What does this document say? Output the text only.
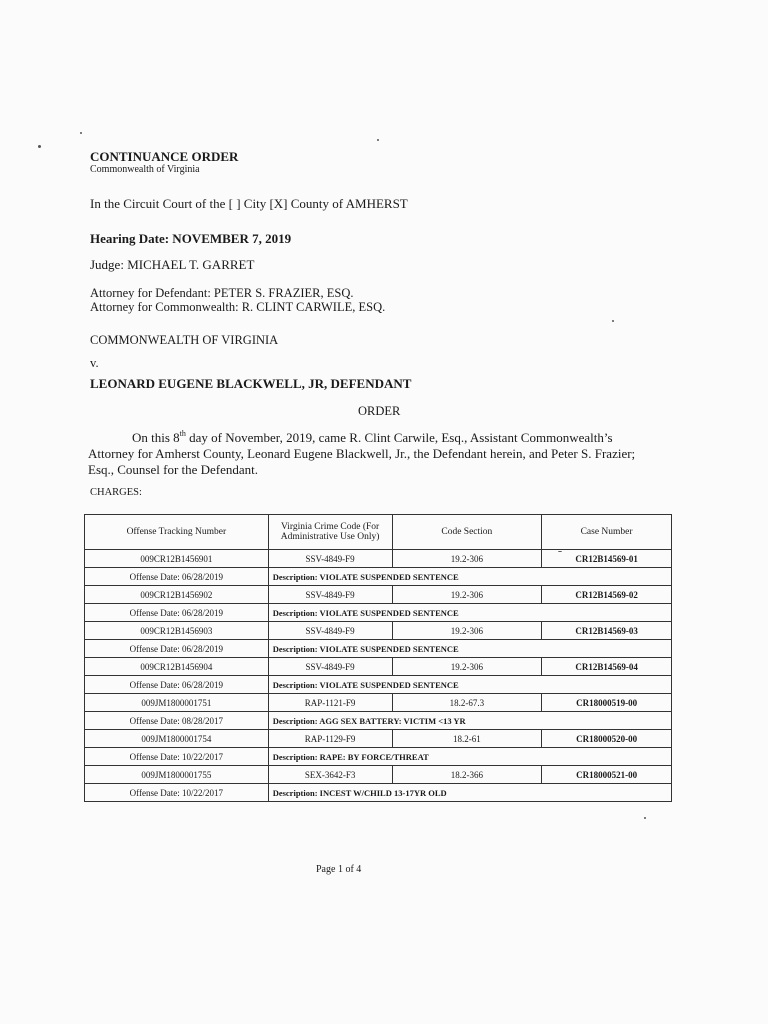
CONTINUANCE ORDER
Commonwealth of Virginia
In the Circuit Court of the [ ] City [X] County of AMHERST
Hearing Date: NOVEMBER 7, 2019
Judge: MICHAEL T. GARRET
Attorney for Defendant: PETER S. FRAZIER, ESQ.
Attorney for Commonwealth: R. CLINT CARWILE, ESQ.
COMMONWEALTH OF VIRGINIA
v.
LEONARD EUGENE BLACKWELL, JR, DEFENDANT
ORDER
On this 8th day of November, 2019, came R. Clint Carwile, Esq., Assistant Commonwealth’s Attorney for Amherst County, Leonard Eugene Blackwell, Jr., the Defendant herein, and Peter S. Frazier; Esq., Counsel for the Defendant.
CHARGES:
Offense Tracking Number	Virginia Crime Code (For Administrative Use Only)	Code Section	Case Number
009CR12B1456901	SSV-4849-F9	19.2-306	CR12B14569-01
Offense Date: 06/28/2019	Description: VIOLATE SUSPENDED SENTENCE		
009CR12B1456902	SSV-4849-F9	19.2-306	CR12B14569-02
Offense Date: 06/28/2019	Description: VIOLATE SUSPENDED SENTENCE		
009CR12B1456903	SSV-4849-F9	19.2-306	CR12B14569-03
Offense Date: 06/28/2019	Description: VIOLATE SUSPENDED SENTENCE		
009CR12B1456904	SSV-4849-F9	19.2-306	CR12B14569-04
Offense Date: 06/28/2019	Description: VIOLATE SUSPENDED SENTENCE		
009JM1800001751	RAP-1121-F9	18.2-67.3	CR18000519-00
Offense Date: 08/28/2017	Description: AGG SEX BATTERY: VICTIM <13 YR		
009JM1800001754	RAP-1129-F9	18.2-61	CR18000520-00
Offense Date: 10/22/2017	Description: RAPE: BY FORCE/THREAT		
009JM1800001755	SEX-3642-F3	18.2-366	CR18000521-00
Offense Date: 10/22/2017	Description: INCEST W/CHILD 13-17YR OLD		
Page 1 of 4
